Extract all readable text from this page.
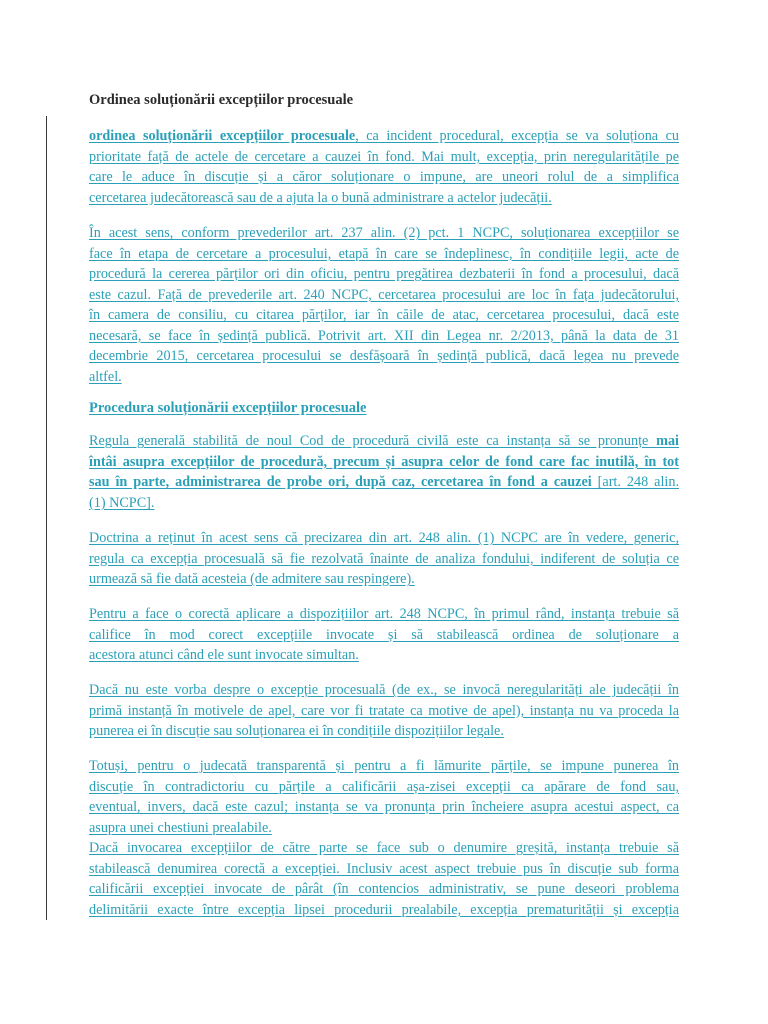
Ordinea soluționării excepțiilor procesuale
ordinea soluționării excepțiilor procesuale, ca incident procedural, excepția se va soluționa cu
prioritate față de actele de cercetare a cauzei în fond. Mai mult, excepția, prin neregularitățile pe
care le aduce în discuție și a căror soluționare o impune, are uneori rolul de a simplifica
cercetarea judecătorească sau de a ajuta la o bună administrare a actelor judecății.
În acest sens, conform prevederilor art. 237 alin. (2) pct. 1 NCPC, soluționarea excepțiilor se
face în etapa de cercetare a procesului, etapă în care se îndeplinesc, în condițiile legii, acte de
procedură la cererea părților ori din oficiu, pentru pregătirea dezbaterii în fond a procesului, dacă
este cazul. Față de prevederile art. 240 NCPC, cercetarea procesului are loc în fața judecătorului,
în camera de consiliu, cu citarea părților, iar în căile de atac, cercetarea procesului, dacă este
necesară, se face în ședință publică. Potrivit art. XII din Legea nr. 2/2013, până la data de 31
decembrie 2015, cercetarea procesului se desfășoară în ședință publică, dacă legea nu prevede
altfel.
Procedura soluționării excepțiilor procesuale
Regula generală stabilită de noul Cod de procedură civilă este ca instanța să se pronunțe mai
întâi asupra excepțiilor de procedură, precum și asupra celor de fond care fac inutilă, în tot
sau în parte, administrarea de probe ori, după caz, cercetarea în fond a cauzei [art. 248 alin.
(1) NCPC].
Doctrina a reținut în acest sens că precizarea din art. 248 alin. (1) NCPC are în vedere, generic,
regula ca excepția procesuală să fie rezolvată înainte de analiza fondului, indiferent de soluția ce
urmează să fie dată acesteia (de admitere sau respingere).
Pentru a face o corectă aplicare a dispozițiilor art. 248 NCPC, în primul rând, instanța trebuie să
califice în mod corect excepțiile invocate și să stabilească ordinea de soluționare a
acestora atunci când ele sunt invocate simultan.
Dacă nu este vorba despre o excepție procesuală (de ex., se invocă neregularități ale judecății în
primă instanță în motivele de apel, care vor fi tratate ca motive de apel), instanța nu va proceda la
punerea ei în discuție sau soluționarea ei în condițiile dispozițiilor legale.
Totuși, pentru o judecată transparentă și pentru a fi lămurite părțile, se impune punerea în
discuție în contradictoriu cu părțile a calificării așa-zisei excepții ca apărare de fond sau,
eventual, invers, dacă este cazul; instanța se va pronunța prin încheiere asupra acestui aspect, ca
asupra unei chestiuni prealabile.
Dacă invocarea excepțiilor de către parte se face sub o denumire greșită, instanța trebuie să
stabilească denumirea corectă a excepției. Inclusiv acest aspect trebuie pus în discuție sub forma
calificării excepției invocate de pârât (în contencios administrativ, se pune deseori problema
delimitării exacte între excepția lipsei procedurii prealabile, excepția prematurității și excepția
